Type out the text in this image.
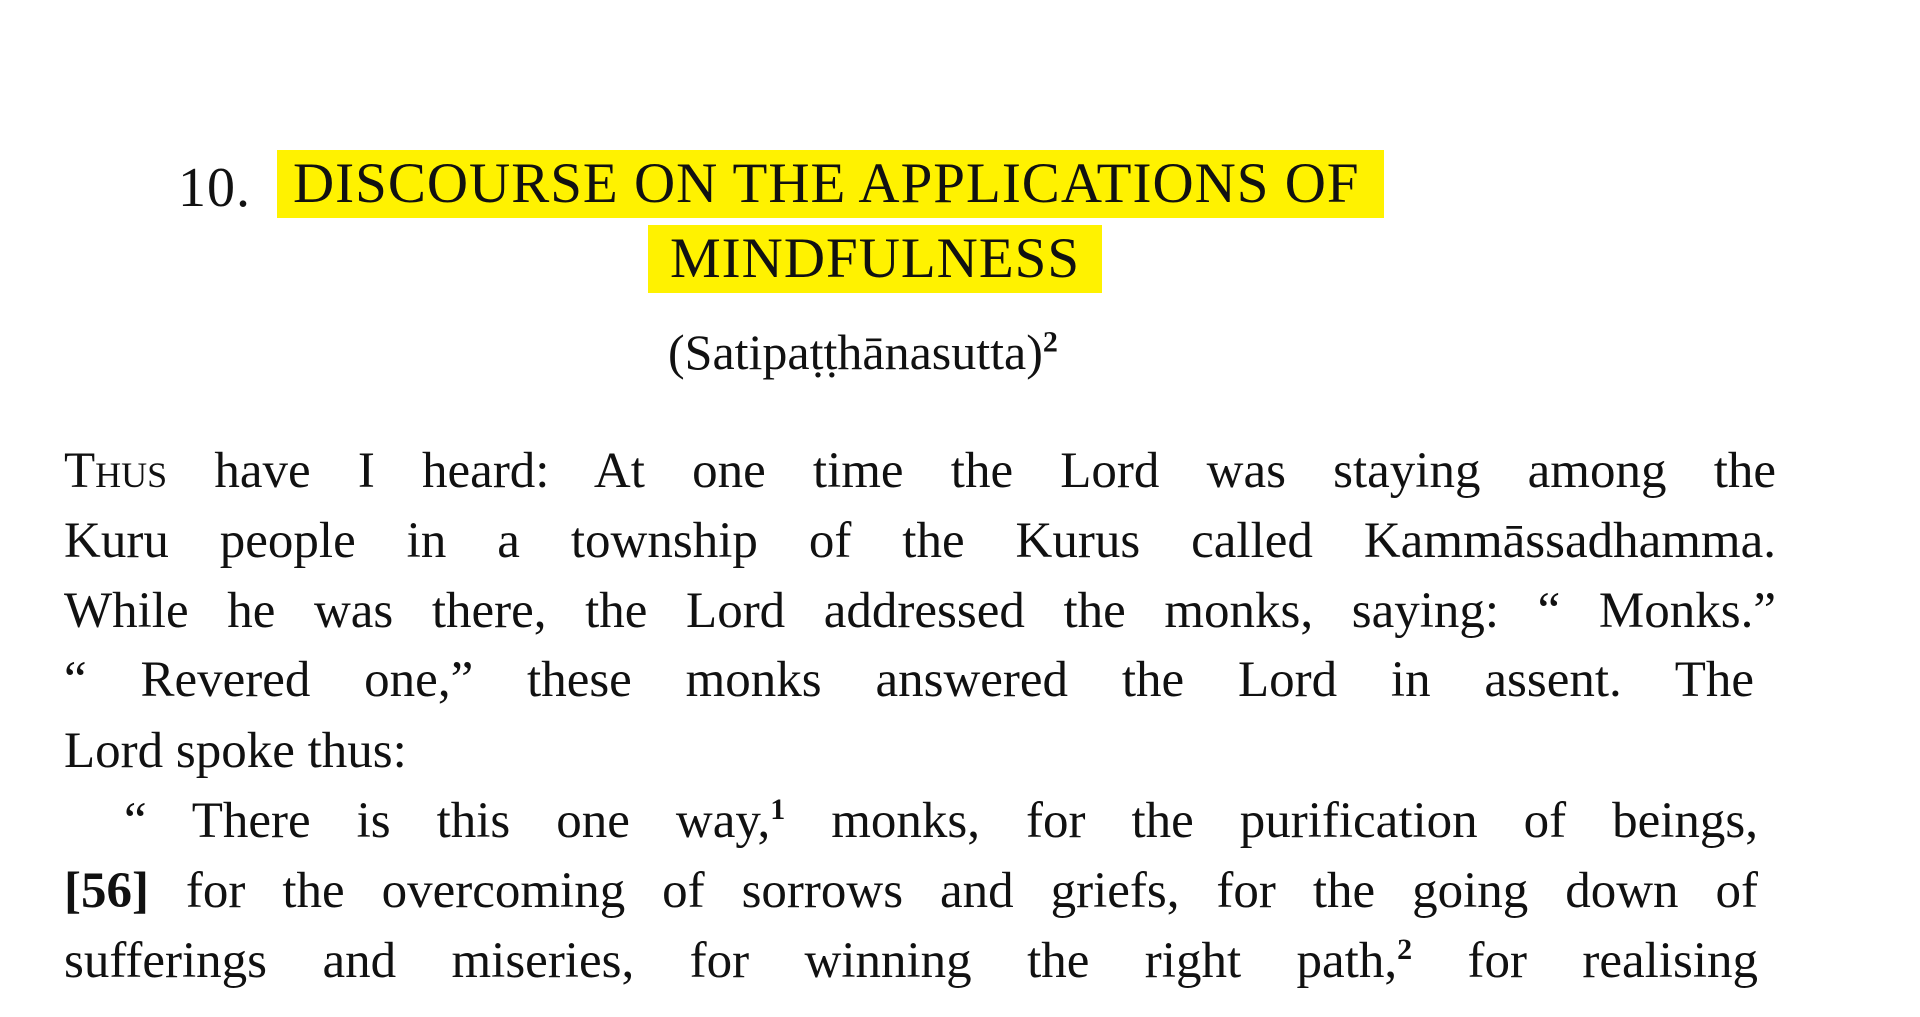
10. DISCOURSE ON THE APPLICATIONS OF
MINDFULNESS
(Satipaṭṭhānasutta)$^2$
Thus have I heard: At one time the Lord was staying among the
Kuru people in a township of the Kurus called Kammāssadhamma.
While he was there, the Lord addressed the monks, saying: “ Monks.”
“ Revered one,” these monks answered the Lord in assent. The
Lord spoke thus:
“ There is this one way,$^1$ monks, for the purification of beings,
[56] for the overcoming of sorrows and griefs, for the going down of
sufferings and miseries, for winning the right path,$^2$ for realising
